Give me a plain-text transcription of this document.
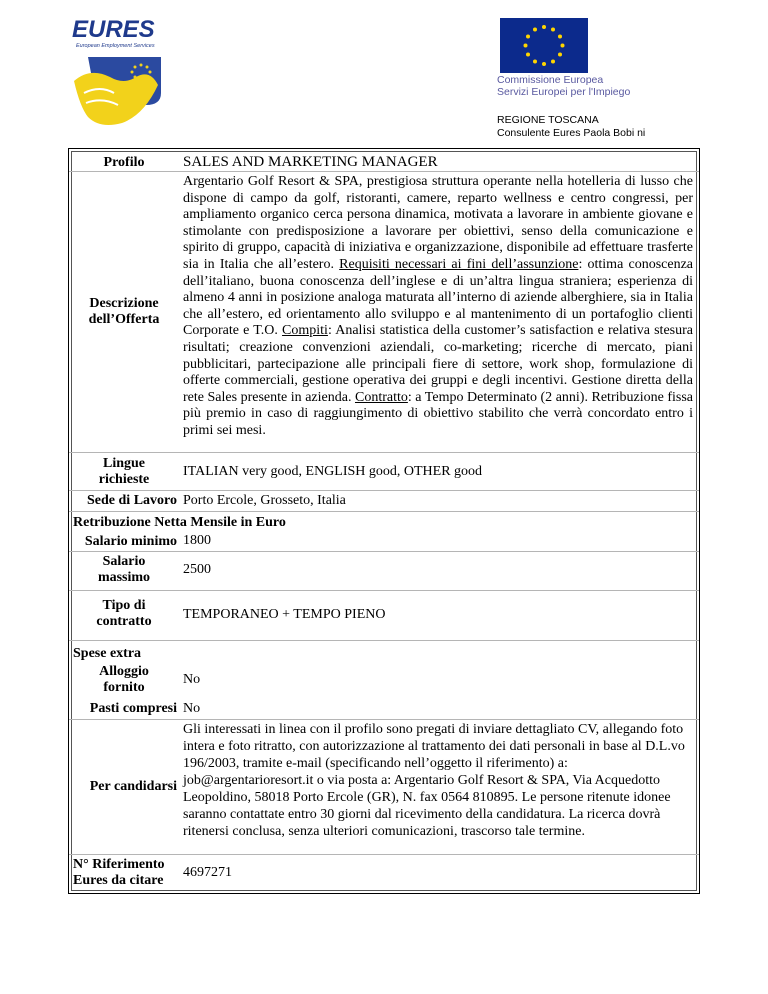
EURES
European Employment Services
Commissione Europea
Servizi Europei per l'Impiego
REGIONE TOSCANA
Consulente Eures Paola Bobi ni
Profilo	SALES AND MARKETING MANAGER
Descrizione
dell’Offerta
Argentario Golf Resort & SPA, prestigiosa struttura operante nella hotelleria di lusso che dispone di campo da golf, ristoranti, camere, reparto wellness e centro congressi, per ampliamento organico cerca persona dinamica, motivata a lavorare in ambiente giovane e stimolante con predisposizione a lavorare per obiettivi, senso della comunicazione e spirito di gruppo, capacità di iniziativa e organizzazione, disponibile ad effettuare trasferte sia in Italia che all’estero. Requisiti necessari ai fini dell’assunzione: ottima conoscenza dell’italiano, buona conoscenza dell’inglese e di un’altra lingua straniera; esperienza di almeno 4 anni in posizione analoga maturata all’interno di aziende alberghiere, sia in Italia che all’estero, ed orientamento allo sviluppo e al mantenimento di un portafoglio clienti Corporate e T.O. Compiti: Analisi statistica della customer’s satisfaction e relativa stesura risultati; creazione convenzioni aziendali, co-marketing; ricerche di mercato, piani pubblicitari, partecipazione alle principali fiere di settore, work shop, formulazione di offerte commerciali, gestione operativa dei gruppi e degli incentivi. Gestione diretta della rete Sales presente in azienda. Contratto: a Tempo Determinato (2 anni). Retribuzione fissa più premio in caso di raggiungimento di obiettivo stabilito che verrà concordato entro i primi sei mesi.
Lingue
richieste
ITALIAN very good, ENGLISH good, OTHER good
Sede di Lavoro Porto Ercole, Grosseto, Italia
Retribuzione Netta Mensile in Euro
Salario minimo 1800
Salario
massimo
2500
Tipo di
contratto	TEMPORANEO + TEMPO PIENO
Spese extra
Alloggio
fornito
No
Pasti compresi No
Per candidarsi
Gli interessati in linea con il profilo sono pregati di inviare dettagliato CV, allegando foto intera e foto ritratto, con autorizzazione al trattamento dei dati personali in base al D.L.vo 196/2003, tramite e-mail (specificando nell’oggetto il riferimento) a: job@argentarioresort.it o via posta a: Argentario Golf Resort & SPA, Via Acquedotto Leopoldino, 58018 Porto Ercole (GR), N. fax 0564 810895. Le persone ritenute idonee saranno contattate entro 30 giorni dal ricevimento della candidatura. La ricerca dovrà ritenersi conclusa, senza ulteriori comunicazioni, trascorso tale termine.
N° Riferimento
Eures da citare
4697271
